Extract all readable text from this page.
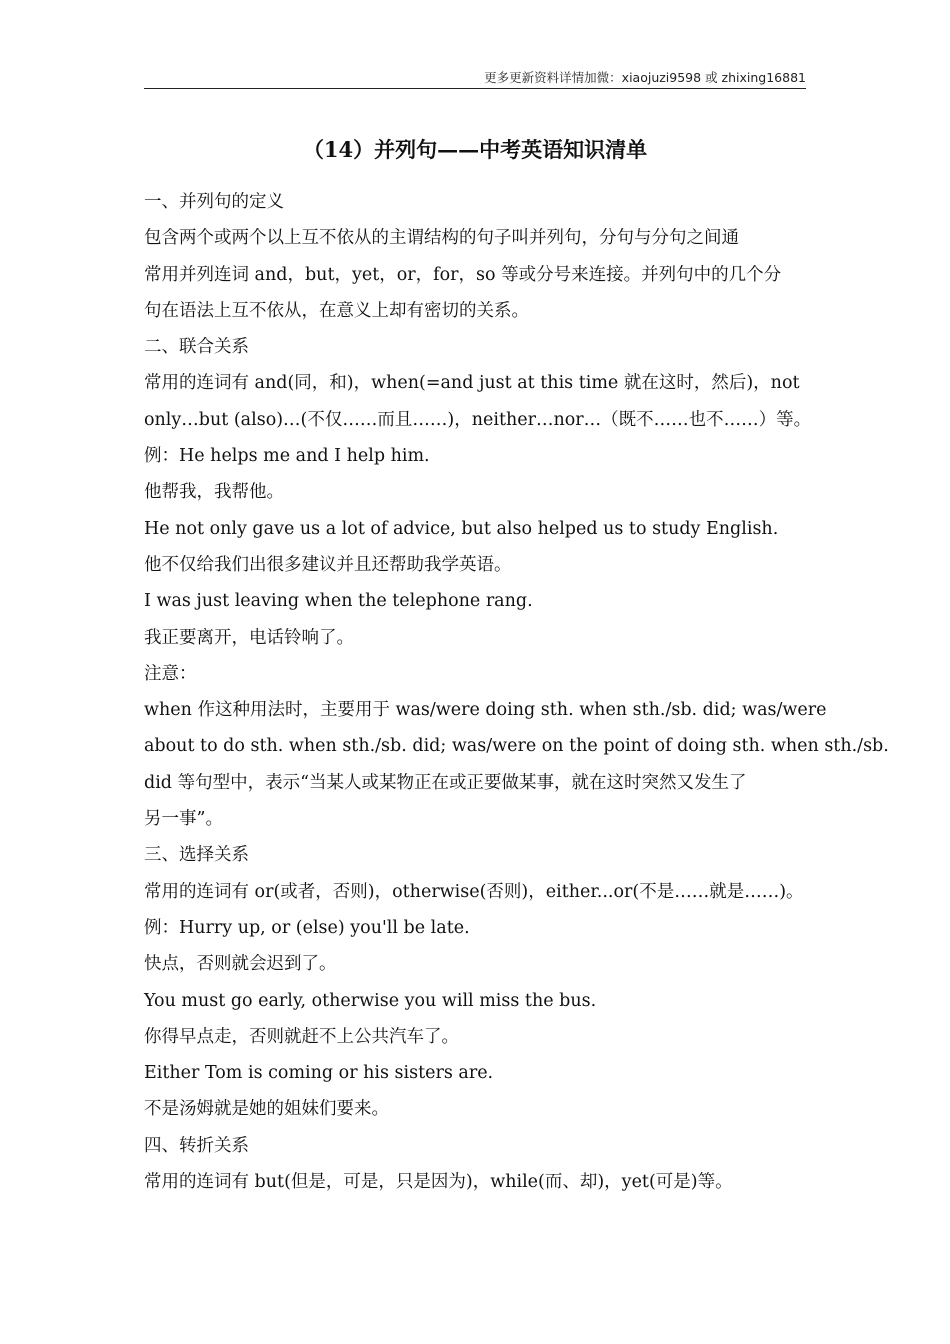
更多更新资料详情加微：xiaojuzi9598 或 zhixing16881
（14）并列句——中考英语知识清单
一、并列句的定义
包含两个或两个以上互不依从的主谓结构的句子叫并列句，分句与分句之间通
常用并列连词 and，but，yet，or，for，so 等或分号来连接。并列句中的几个分
句在语法上互不依从，在意义上却有密切的关系。
二、联合关系
常用的连词有 and(同，和)，when(=and just at this time 就在这时，然后)，not
only…but (also)…(不仅……而且……)，neither…nor…（既不……也不……）等。
例：He helps me and I help him.
他帮我，我帮他。
He not only gave us a lot of advice, but also helped us to study English.
他不仅给我们出很多建议并且还帮助我学英语。
I was just leaving when the telephone rang.
我正要离开，电话铃响了。
注意：
when 作这种用法时，主要用于 was/were doing sth. when sth./sb. did; was/were
about to do sth. when sth./sb. did; was/were on the point of doing sth. when sth./sb.
did 等句型中，表示“当某人或某物正在或正要做某事，就在这时突然又发生了
另一事”。
三、选择关系
常用的连词有 or(或者，否则)，otherwise(否则)，either...or(不是……就是……)。
例：Hurry up, or (else) you'll be late.
快点，否则就会迟到了。
You must go early, otherwise you will miss the bus.
你得早点走，否则就赶不上公共汽车了。
Either Tom is coming or his sisters are.
不是汤姆就是她的姐妹们要来。
四、转折关系
常用的连词有 but(但是，可是，只是因为)，while(而、却)，yet(可是)等。
